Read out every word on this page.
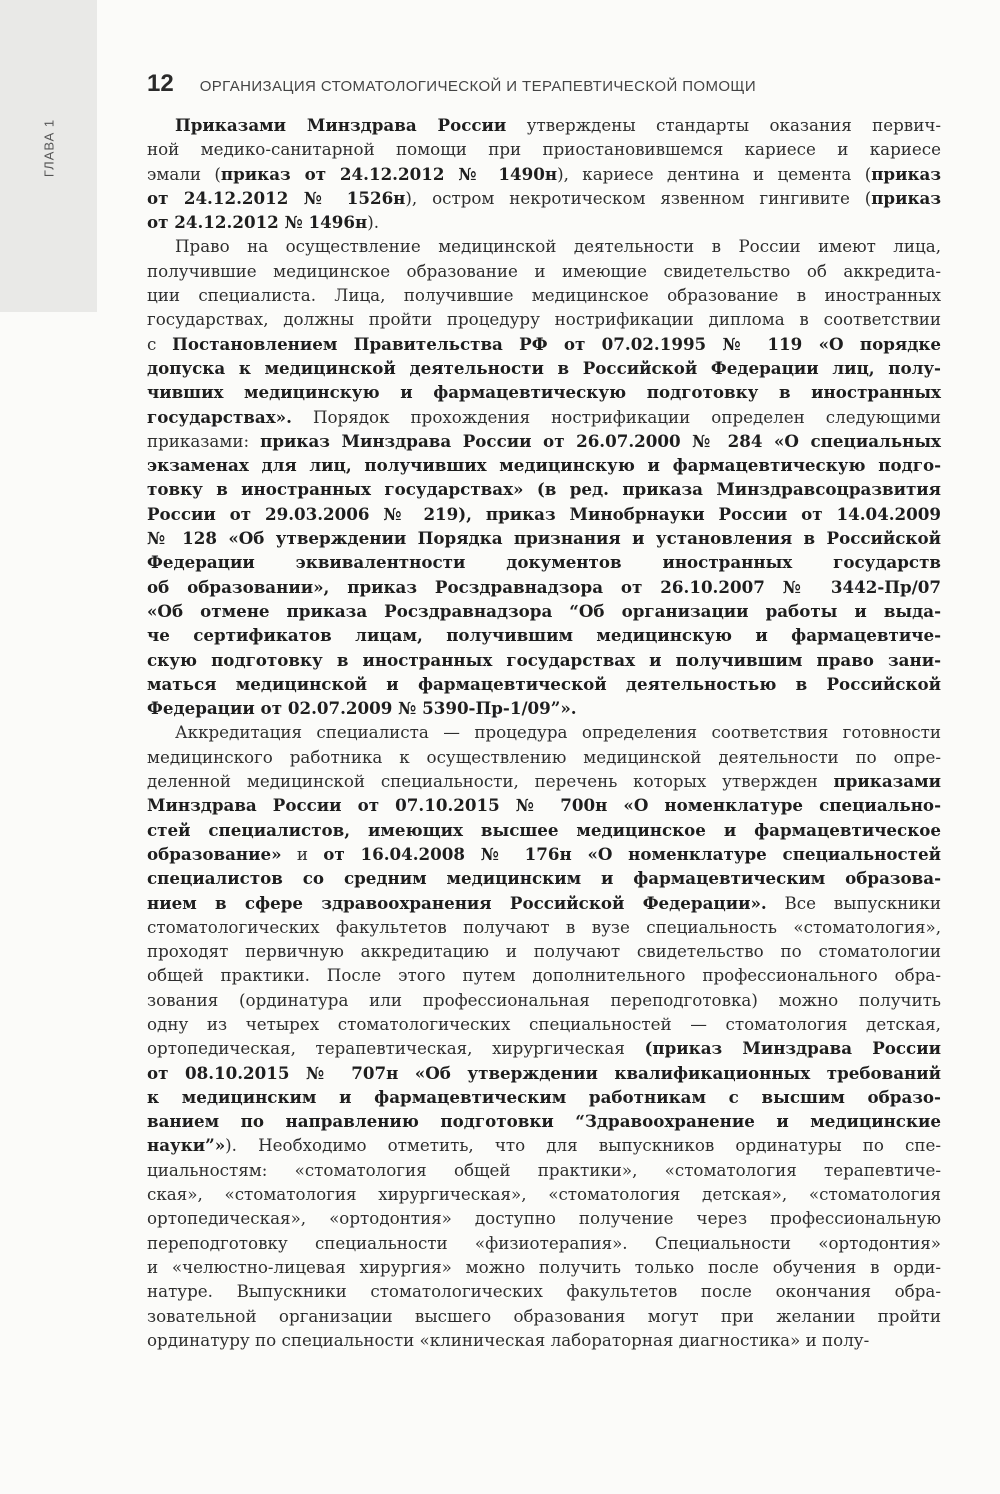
ГЛАВА 1
12 ОРГАНИЗАЦИЯ СТОМАТОЛОГИЧЕСКОЙ И ТЕРАПЕВТИЧЕСКОЙ ПОМОЩИ

Приказами Минздрава России утверждены стандарты оказания первич-
ной медико-санитарной помощи при приостановившемся кариесе и кариесе
эмали (приказ от 24.12.2012 № 1490н), кариесе дентина и цемента (приказ
от 24.12.2012 № 1526н), остром некротическом язвенном гингивите (приказ
от 24.12.2012 № 1496н).

Право на осуществление медицинской деятельности в России имеют лица,
получившие медицинское образование и имеющие свидетельство об аккредита-
ции специалиста. Лица, получившие медицинское образование в иностранных
государствах, должны пройти процедуру нострификации диплома в соответствии
с Постановлением Правительства РФ от 07.02.1995 № 119 «О порядке
допуска к медицинской деятельности в Российской Федерации лиц, полу-
чивших медицинскую и фармацевтическую подготовку в иностранных
государствах». Порядок прохождения нострификации определен следующими
приказами: приказ Минздрава России от 26.07.2000 № 284 «О специальных
экзаменах для лиц, получивших медицинскую и фармацевтическую подго-
товку в иностранных государствах» (в ред. приказа Минздравсоцразвития
России от 29.03.2006 № 219), приказ Минобрнауки России от 14.04.2009
№ 128 «Об утверждении Порядка признания и установления в Российской
Федерации эквивалентности документов иностранных государств
об образовании», приказ Росздравнадзора от 26.10.2007 № 3442-Пр/07
«Об отмене приказа Росздравнадзора “Об организации работы и выда-
че сертификатов лицам, получившим медицинскую и фармацевтиче-
скую подготовку в иностранных государствах и получившим право зани-
маться медицинской и фармацевтической деятельностью в Российской
Федерации от 02.07.2009 № 5390-Пр-1/09”».

Аккредитация специалиста — процедура определения соответствия готовности
медицинского работника к осуществлению медицинской деятельности по опре-
деленной медицинской специальности, перечень которых утвержден приказами
Минздрава России от 07.10.2015 № 700н «О номенклатуре специально-
стей специалистов, имеющих высшее медицинское и фармацевтическое
образование» и от 16.04.2008 № 176н «О номенклатуре специальностей
специалистов со средним медицинским и фармацевтическим образова-
нием в сфере здравоохранения Российской Федерации». Все выпускники
стоматологических факультетов получают в вузе специальность «стоматология»,
проходят первичную аккредитацию и получают свидетельство по стоматологии
общей практики. После этого путем дополнительного профессионального обра-
зования (ординатура или профессиональная переподготовка) можно получить
одну из четырех стоматологических специальностей — стоматология детская,
ортопедическая, терапевтическая, хирургическая (приказ Минздрава России
от 08.10.2015 № 707н «Об утверждении квалификационных требований
к медицинским и фармацевтическим работникам с высшим образо-
ванием по направлению подготовки “Здравоохранение и медицинские
науки”»). Необходимо отметить, что для выпускников ординатуры по спе-
циальностям: «стоматология общей практики», «стоматология терапевтиче-
ская», «стоматология хирургическая», «стоматология детская», «стоматология
ортопедическая», «ортодонтия» доступно получение через профессиональную
переподготовку специальности «физиотерапия». Специальности «ортодонтия»
и «челюстно-лицевая хирургия» можно получить только после обучения в орди-
натуре. Выпускники стоматологических факультетов после окончания обра-
зовательной организации высшего образования могут при желании пройти
ординатуру по специальности «клиническая лабораторная диагностика» и полу-
